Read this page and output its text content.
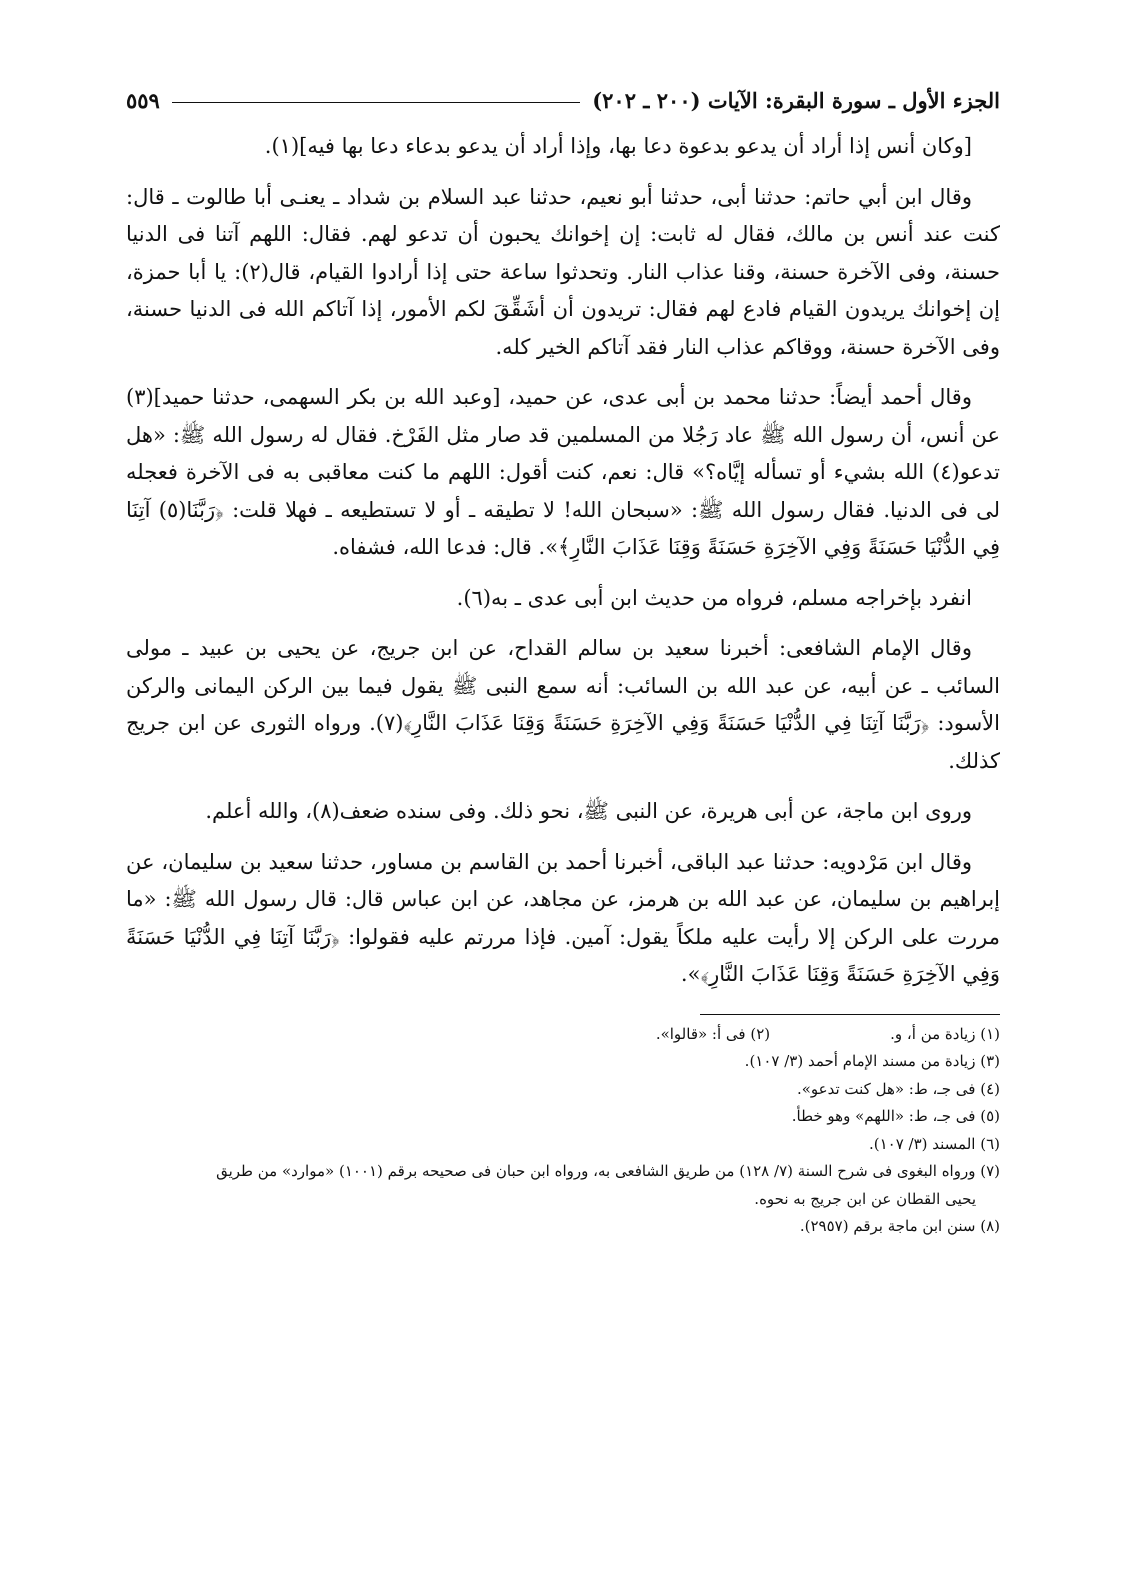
الجزء الأول ـ سورة البقرة: الآيات (٢٠٠ ـ ٢٠٢)
٥٥٩

[وكان أنس إذا أراد أن يدعو بدعوة دعا بها، وإذا أراد أن يدعو بدعاء دعا بها فيه](١).

وقال ابن أبي حاتم: حدثنا أبى، حدثنا أبو نعيم، حدثنا عبد السلام بن شداد ـ يعنـى أبا طالوت ـ قال: كنت عند أنس بن مالك، فقال له ثابت: إن إخوانك يحبون أن تدعو لهم. فقال: اللهم آتنا فى الدنيا حسنة، وفى الآخرة حسنة، وقنا عذاب النار. وتحدثوا ساعة حتى إذا أرادوا القيام، قال(٢): يا أبا حمزة، إن إخوانك يريدون القيام فادع لهم فقال: تريدون أن أشَقِّقَ لكم الأمور، إذا آتاكم الله فى الدنيا حسنة، وفى الآخرة حسنة، ووقاكم عذاب النار فقد آتاكم الخير كله.

وقال أحمد أيضاً: حدثنا محمد بن أبى عدى، عن حميد، [وعبد الله بن بكر السهمى، حدثنا حميد](٣) عن أنس، أن رسول الله ﷺ عاد رَجُلا من المسلمين قد صار مثل الفَرْخ. فقال له رسول الله ﷺ: «هل تدعو(٤) الله بشيء أو تسأله إيَّاه؟» قال: نعم، كنت أقول: اللهم ما كنت معاقبى به فى الآخرة فعجله لى فى الدنيا. فقال رسول الله ﷺ: «سبحان الله! لا تطيقه ـ أو لا تستطيعه ـ فهلا قلت: ﴿رَبَّنَا(٥) آتِنَا فِي الدُّنْيَا حَسَنَةً وَفِي الآخِرَةِ حَسَنَةً وَقِنَا عَذَابَ النَّارِ﴾». قال: فدعا الله، فشفاه.

انفرد بإخراجه مسلم، فرواه من حديث ابن أبى عدى ـ به(٦).

وقال الإمام الشافعى: أخبرنا سعيد بن سالم القداح، عن ابن جريج، عن يحيى بن عبيد ـ مولى السائب ـ عن أبيه، عن عبد الله بن السائب: أنه سمع النبى ﷺ يقول فيما بين الركن اليمانى والركن الأسود: ﴿رَبَّنَا آتِنَا فِي الدُّنْيَا حَسَنَةً وَفِي الآخِرَةِ حَسَنَةً وَقِنَا عَذَابَ النَّارِ﴾(٧). ورواه الثورى عن ابن جريج كذلك.

وروى ابن ماجة، عن أبى هريرة، عن النبى ﷺ، نحو ذلك. وفى سنده ضعف(٨)، والله أعلم.

وقال ابن مَرْدويه: حدثنا عبد الباقى، أخبرنا أحمد بن القاسم بن مساور، حدثنا سعيد بن سليمان، عن إبراهيم بن سليمان، عن عبد الله بن هرمز، عن مجاهد، عن ابن عباس قال: قال رسول الله ﷺ: «ما مررت على الركن إلا رأيت عليه ملكاً يقول: آمين. فإذا مررتم عليه فقولوا: ﴿رَبَّنَا آتِنَا فِي الدُّنْيَا حَسَنَةً وَفِي الآخِرَةِ حَسَنَةً وَقِنَا عَذَابَ النَّارِ﴾».

(١) زيادة من أ، و.

(٢) فى أ: «قالوا».

(٣) زيادة من مسند الإمام أحمد (٣/ ١٠٧).

(٤) فى جـ، ط: «هل كنت تدعو».

(٥) فى جـ، ط: «اللهم» وهو خطأ.

(٦) المسند (٣/ ١٠٧).

(٧) ورواه البغوى فى شرح السنة (٧/ ١٢٨) من طريق الشافعى به، ورواه ابن حبان فى صحيحه برقم (١٠٠١) «موارد» من طريق

يحيى القطان عن ابن جريج به نحوه.

(٨) سنن ابن ماجة برقم (٢٩٥٧).
